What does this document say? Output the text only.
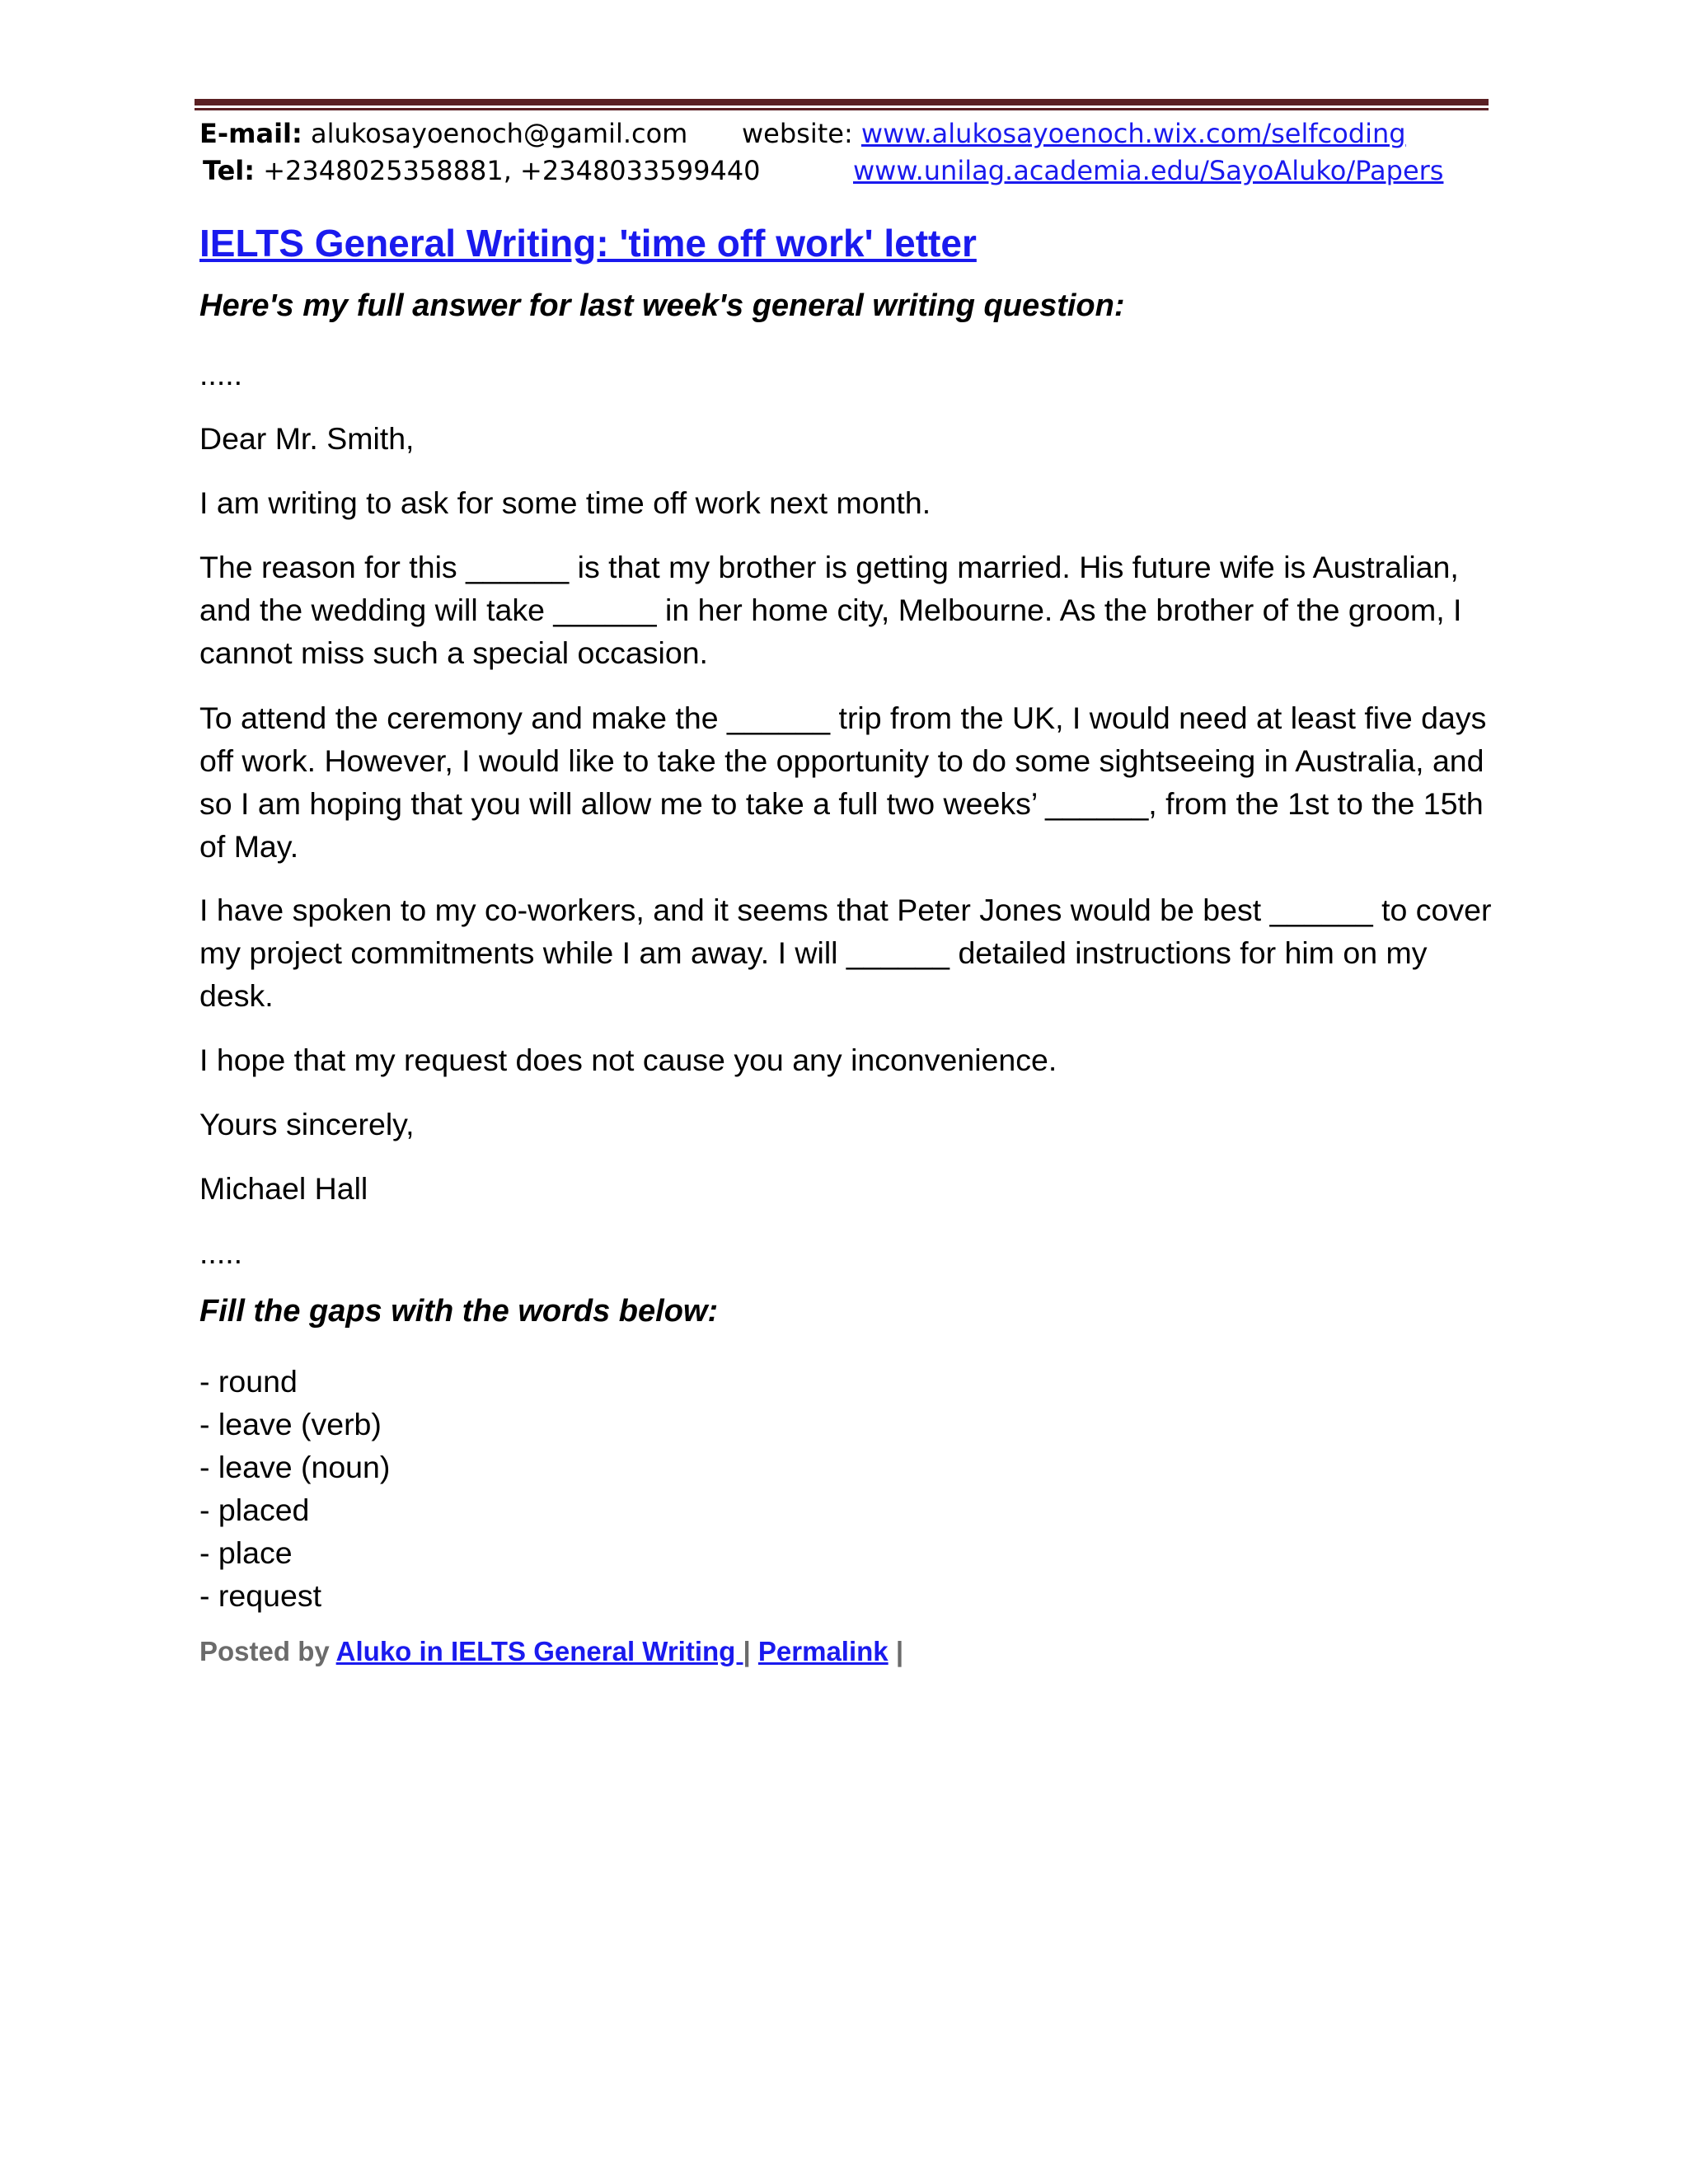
E-mail: alukosayoenoch@gamil.com
Tel: +2348025358881, +2348033599440
website: www.alukosayoenoch.wix.com/selfcoding
www.unilag.academia.edu/SayoAluko/Papers
IELTS General Writing: 'time off work' letter

Here's my full answer for last week's general writing question:

.....

Dear Mr. Smith,

I am writing to ask for some time off work next month.

The reason for this ______ is that my brother is getting married. His future wife is Australian, and the wedding will take ______ in her home city, Melbourne. As the brother of the groom, I cannot miss such a special occasion.

To attend the ceremony and make the ______ trip from the UK, I would need at least five days off work. However, I would like to take the opportunity to do some sightseeing in Australia, and so I am hoping that you will allow me to take a full two weeks’ ______, from the 1st to the 15th of May.

I have spoken to my co-workers, and it seems that Peter Jones would be best ______ to cover my project commitments while I am away. I will ______ detailed instructions for him on my desk.

I hope that my request does not cause you any inconvenience.

Yours sincerely,

Michael Hall

.....

Fill the gaps with the words below:

- round
- leave (verb)
- leave (noun)
- placed
- place
- request
Posted by Aluko in IELTS General Writing | Permalink |
